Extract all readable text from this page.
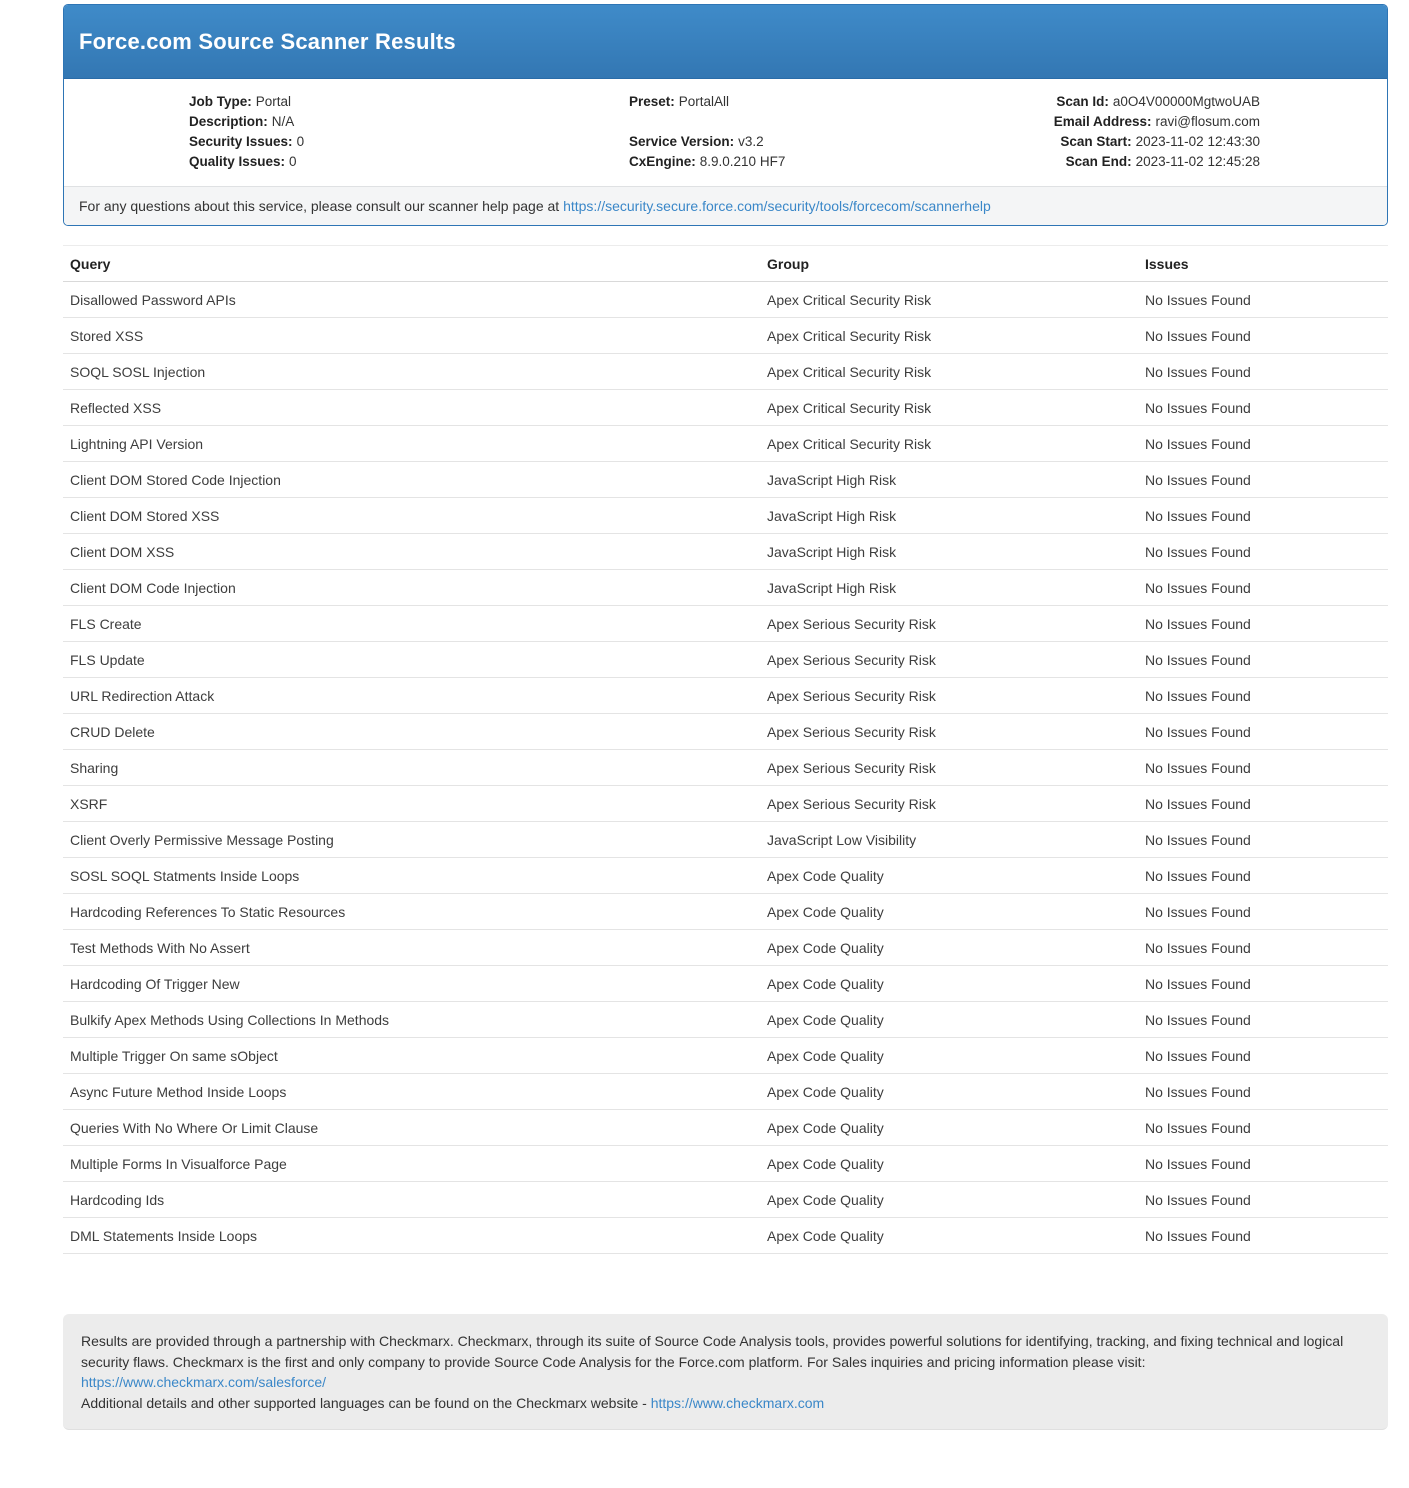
Force.com Source Scanner Results
Job Type: Portal
Description: N/A
Security Issues: 0
Quality Issues: 0
Preset: PortalAll
Service Version: v3.2
CxEngine: 8.9.0.210 HF7
Scan Id: a0O4V00000MgtwoUAB
Email Address: ravi@flosum.com
Scan Start: 2023-11-02 12:43:30
Scan End: 2023-11-02 12:45:28
For any questions about this service, please consult our scanner help page at https://security.secure.force.com/security/tools/forcecom/scannerhelp
Query	Group	Issues
Disallowed Password APIs	Apex Critical Security Risk	No Issues Found
Stored XSS	Apex Critical Security Risk	No Issues Found
SOQL SOSL Injection	Apex Critical Security Risk	No Issues Found
Reflected XSS	Apex Critical Security Risk	No Issues Found
Lightning API Version	Apex Critical Security Risk	No Issues Found
Client DOM Stored Code Injection	JavaScript High Risk	No Issues Found
Client DOM Stored XSS	JavaScript High Risk	No Issues Found
Client DOM XSS	JavaScript High Risk	No Issues Found
Client DOM Code Injection	JavaScript High Risk	No Issues Found
FLS Create	Apex Serious Security Risk	No Issues Found
FLS Update	Apex Serious Security Risk	No Issues Found
URL Redirection Attack	Apex Serious Security Risk	No Issues Found
CRUD Delete	Apex Serious Security Risk	No Issues Found
Sharing	Apex Serious Security Risk	No Issues Found
XSRF	Apex Serious Security Risk	No Issues Found
Client Overly Permissive Message Posting	JavaScript Low Visibility	No Issues Found
SOSL SOQL Statments Inside Loops	Apex Code Quality	No Issues Found
Hardcoding References To Static Resources	Apex Code Quality	No Issues Found
Test Methods With No Assert	Apex Code Quality	No Issues Found
Hardcoding Of Trigger New	Apex Code Quality	No Issues Found
Bulkify Apex Methods Using Collections In Methods	Apex Code Quality	No Issues Found
Multiple Trigger On same sObject	Apex Code Quality	No Issues Found
Async Future Method Inside Loops	Apex Code Quality	No Issues Found
Queries With No Where Or Limit Clause	Apex Code Quality	No Issues Found
Multiple Forms In Visualforce Page	Apex Code Quality	No Issues Found
Hardcoding Ids	Apex Code Quality	No Issues Found
DML Statements Inside Loops	Apex Code Quality	No Issues Found
Results are provided through a partnership with Checkmarx. Checkmarx, through its suite of Source Code Analysis tools, provides powerful solutions for identifying, tracking, and fixing technical and logical security flaws. Checkmarx is the first and only company to provide Source Code Analysis for the Force.com platform. For Sales inquiries and pricing information please visit:
https://www.checkmarx.com/salesforce/
Additional details and other supported languages can be found on the Checkmarx website - https://www.checkmarx.com
